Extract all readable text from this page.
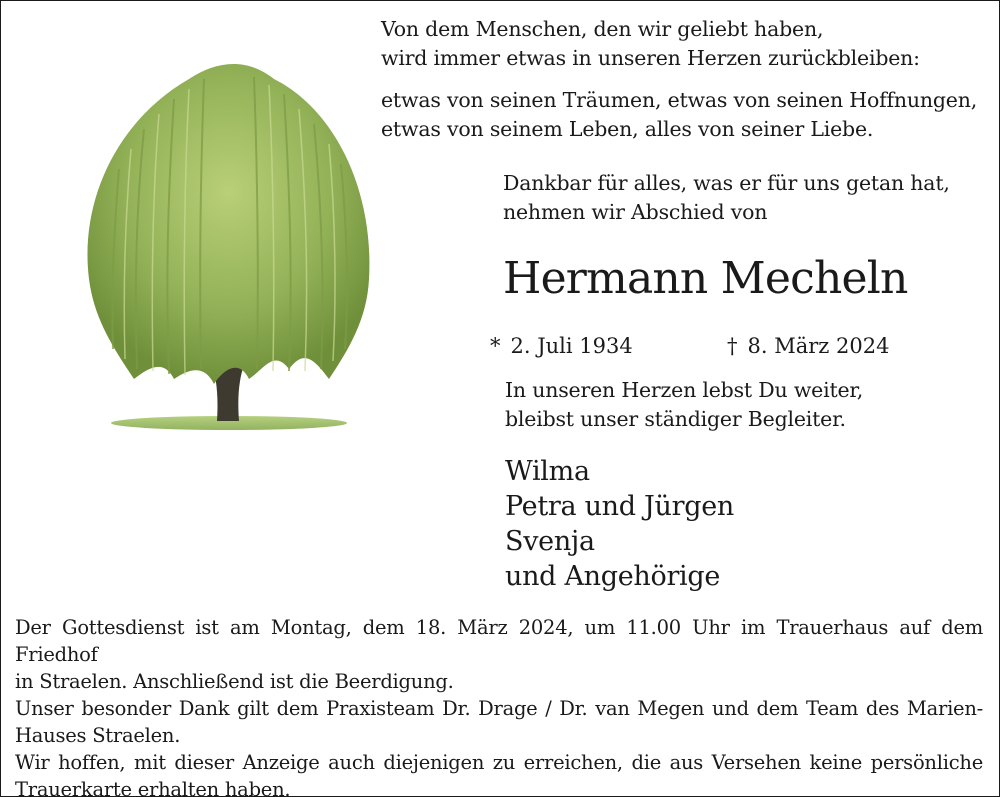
Von dem Menschen, den wir geliebt haben,
wird immer etwas in unseren Herzen zurückbleiben:
etwas von seinen Träumen, etwas von seinen Hoffnungen,
etwas von seinem Leben, alles von seiner Liebe.
Dankbar für alles, was er für uns getan hat,
nehmen wir Abschied von
Hermann Mecheln
* 2. Juli 1934	† 8. März 2024
In unseren Herzen lebst Du weiter,
bleibst unser ständiger Begleiter.
Wilma
Petra und Jürgen
Svenja
und Angehörige

Der Gottesdienst ist am Montag, dem 18. März 2024, um 11.00 Uhr im Trauerhaus auf dem Friedhof

in Straelen. Anschließend ist die Beerdigung.

Unser besonder Dank gilt dem Praxisteam Dr. Drage / Dr. van Megen und dem Team des Marien-

Hauses Straelen.

Wir hoffen, mit dieser Anzeige auch diejenigen zu erreichen, die aus Versehen keine persönliche

Trauerkarte erhalten haben.
